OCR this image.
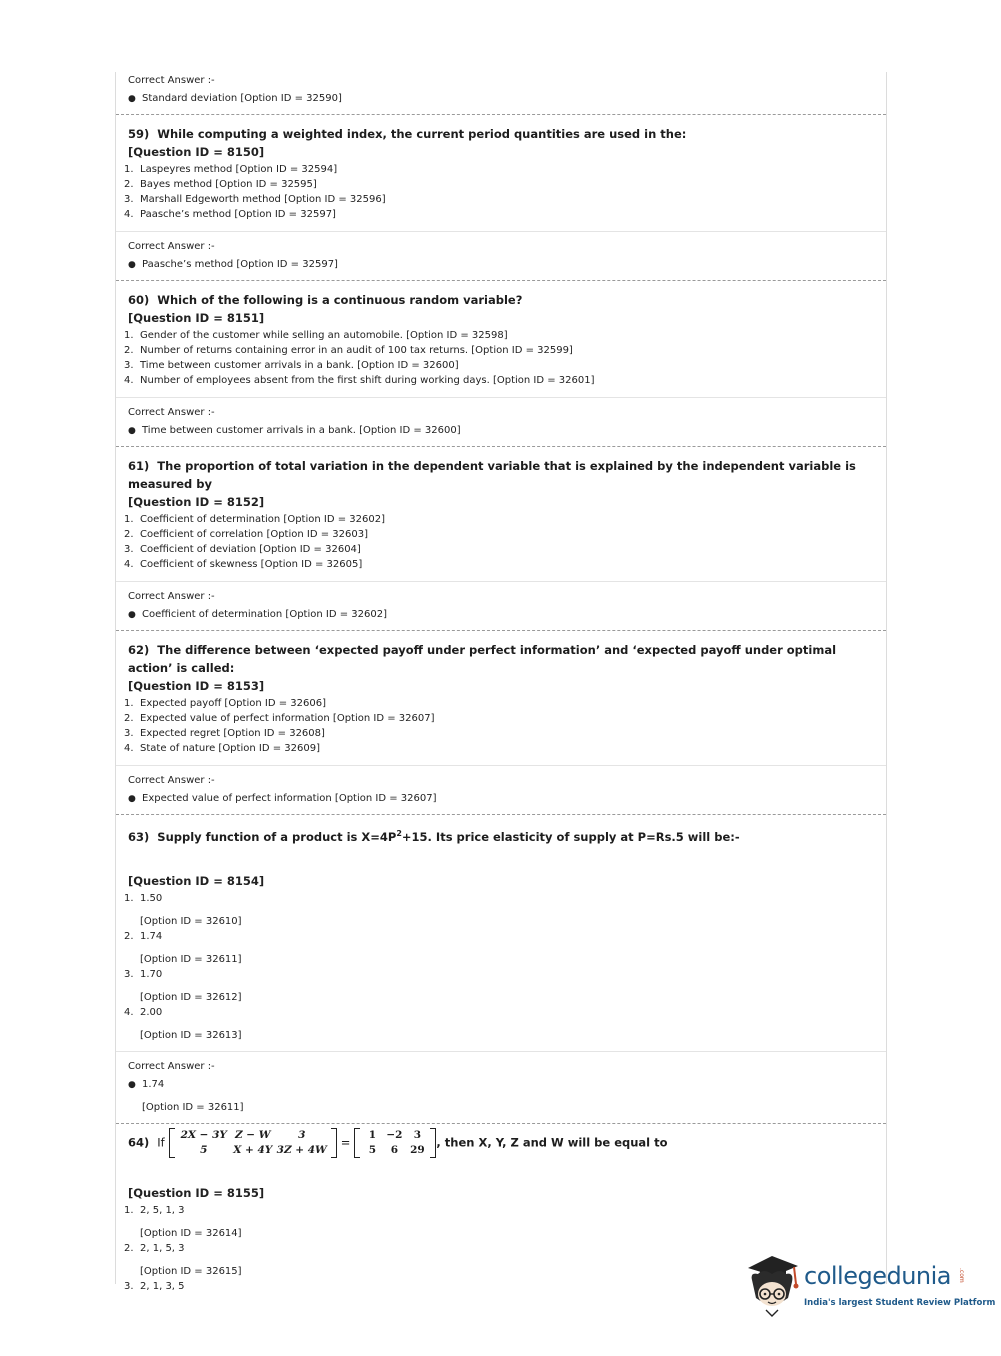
Correct Answer :-
● Standard deviation [Option ID = 32590]
59) While computing a weighted index, the current period quantities are used in the:
[Question ID = 8150]
1. Laspeyres method [Option ID = 32594]
2. Bayes method [Option ID = 32595]
3. Marshall Edgeworth method [Option ID = 32596]
4. Paasche’s method [Option ID = 32597]
Correct Answer :-
● Paasche’s method [Option ID = 32597]
60) Which of the following is a continuous random variable?
[Question ID = 8151]
1. Gender of the customer while selling an automobile. [Option ID = 32598]
2. Number of returns containing error in an audit of 100 tax returns. [Option ID = 32599]
3. Time between customer arrivals in a bank. [Option ID = 32600]
4. Number of employees absent from the first shift during working days. [Option ID = 32601]
Correct Answer :-
● Time between customer arrivals in a bank. [Option ID = 32600]
61) The proportion of total variation in the dependent variable that is explained by the independent variable is measured by
[Question ID = 8152]
1. Coefficient of determination [Option ID = 32602]
2. Coefficient of correlation [Option ID = 32603]
3. Coefficient of deviation [Option ID = 32604]
4. Coefficient of skewness [Option ID = 32605]
Correct Answer :-
● Coefficient of determination [Option ID = 32602]
62) The difference between ‘expected payoff under perfect information’ and ‘expected payoff under optimal action’ is called:
[Question ID = 8153]
1. Expected payoff [Option ID = 32606]
2. Expected value of perfect information [Option ID = 32607]
3. Expected regret [Option ID = 32608]
4. State of nature [Option ID = 32609]
Correct Answer :-
● Expected value of perfect information [Option ID = 32607]
63) Supply function of a product is $X=4P^2+15$. Its price elasticity of supply at P=Rs.5 will be:-
[Question ID = 8154]
1. 1.50
[Option ID = 32610]
2. 1.74
[Option ID = 32611]
3. 1.70
[Option ID = 32612]
4. 2.00
[Option ID = 32613]
Correct Answer :-
● 1.74
[Option ID = 32611]
64) If
2X − 3Y Z − W	3
5 X + 4Y 3Z + 4W
=
1 −2 3
5 6 29
, then X, Y, Z and W will be equal to
[Question ID = 8155]
1. 2, 5, 1, 3
[Option ID = 32614]
2. 2, 1, 5, 3
[Option ID = 32615]
3. 2, 1, 3, 5	collegedunia .com
India's largest Student Review Platform
